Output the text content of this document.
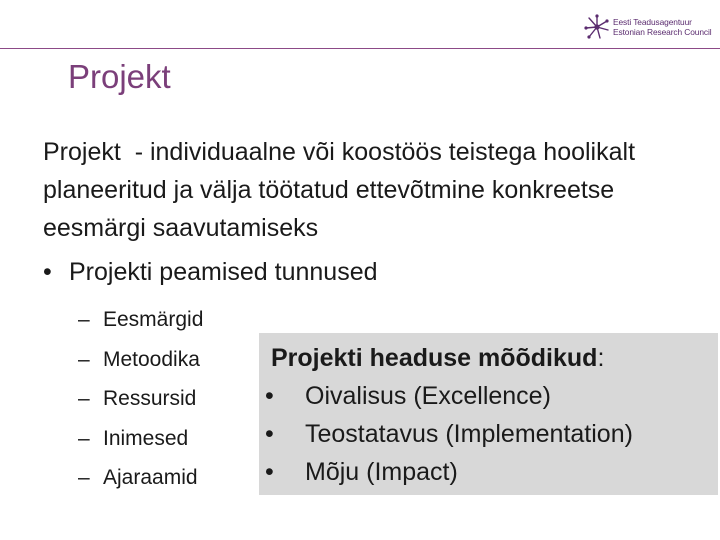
Eesti Teadusagentuur
Estonian Research Council
Projekt
Projekt  - individuaalne või koostöös teistega hoolikalt planeeritud ja välja töötatud ettevõtmine konkreetse eesmärgi saavutamiseks
• Projekti peamised tunnused
– Eesmärgid
– Metoodika
– Ressursid
– Inimesed
– Ajaraamid
Projekti headuse mõõdikud:
• Oivalisus (Excellence)
• Teostatavus (Implementation)
• Mõju (Impact)
